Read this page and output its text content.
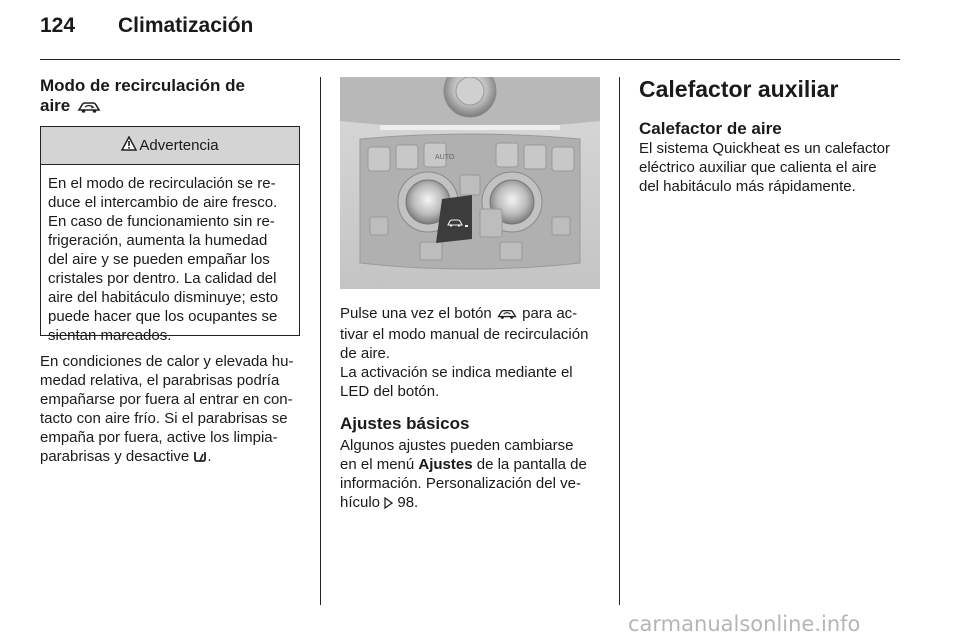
124 Climatización
Modo de recirculación de
aire
Advertencia
En el modo de recirculación se re-
duce el intercambio de aire fresco.
En caso de funcionamiento sin re-
frigeración, aumenta la humedad
del aire y se pueden empañar los
cristales por dentro. La calidad del
aire del habitáculo disminuye; esto
puede hacer que los ocupantes se
sientan mareados.
En condiciones de calor y elevada hu-
medad relativa, el parabrisas podría
empañarse por fuera al entrar en con-
tacto con aire frío. Si el parabrisas se
empaña por fuera, active los limpia-
parabrisas y desactive .
AUTO
Pulse una vez el botón para ac-
tivar el modo manual de recirculación
de aire.
La activación se indica mediante el
LED del botón.
Ajustes básicos
Algunos ajustes pueden cambiarse
en el menú Ajustes de la pantalla de
información. Personalización del ve-
hículo 98.
Calefactor auxiliar
Calefactor de aire
El sistema Quickheat es un calefactor
eléctrico auxiliar que calienta el aire
del habitáculo más rápidamente.
carmanualsonline.info
